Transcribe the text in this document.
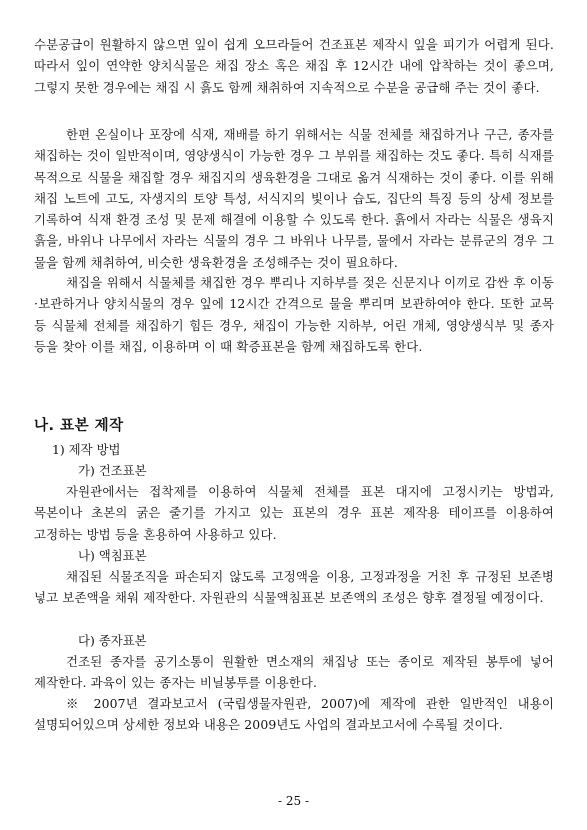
수분공급이 원활하지 않으면 잎이 쉽게 오므라들어 건조표본 제작시 잎을 피기가 어렵게 된다. 따라서 잎이 연약한 양치식물은 채집 장소 혹은 채집 후 12시간 내에 압착하는 것이 좋으며, 그렇지 못한 경우에는 채집 시 흙도 함께 채취하여 지속적으로 수분을 공급해 주는 것이 좋다.
한편 온실이나 포장에 식재, 재배를 하기 위해서는 식물 전체를 채집하거나 구근, 종자를 채집하는 것이 일반적이며, 영양생식이 가능한 경우 그 부위를 채집하는 것도 좋다. 특히 식재를 목적으로 식물을 채집할 경우 채집지의 생육환경을 그대로 옮겨 식재하는 것이 좋다. 이를 위해 채집 노트에 고도, 자생지의 토양 특성, 서식지의 빛이나 습도, 집단의 특징 등의 상세 정보를 기록하여 식재 환경 조성 및 문제 해결에 이용할 수 있도록 한다. 흙에서 자라는 식물은 생육지 흙을, 바위나 나무에서 자라는 식물의 경우 그 바위나 나무를, 물에서 자라는 분류군의 경우 그 물을 함께 채취하여, 비슷한 생육환경을 조성해주는 것이 필요하다.
채집을 위해서 식물체를 채집한 경우 뿌리나 지하부를 젖은 신문지나 이끼로 감싼 후 이동·보관하거나 양치식물의 경우 잎에 12시간 간격으로 물을 뿌리며 보관하여야 한다. 또한 교목 등 식물체 전체를 채집하기 힘든 경우, 채집이 가능한 지하부, 어린 개체, 영양생식부 및 종자 등을 찾아 이를 채집, 이용하며 이 때 확증표본을 함께 채집하도록 한다.
나. 표본 제작
1) 제작 방법
가) 건조표본
자원관에서는 접착제를 이용하여 식물체 전체를 표본 대지에 고정시키는 방법과, 목본이나 초본의 굵은 줄기를 가지고 있는 표본의 경우 표본 제작용 테이프를 이용하여 고정하는 방법 등을 혼용하여 사용하고 있다.
나) 액침표본
채집된 식물조직을 파손되지 않도록 고정액을 이용, 고정과정을 거친 후 규정된 보존병 넣고 보존액을 채워 제작한다. 자원관의 식물액침표본 보존액의 조성은 향후 결정될 예정이다.
다) 종자표본
건조된 종자를 공기소통이 원활한 면소재의 채집낭 또는 종이로 제작된 봉투에 넣어 제작한다. 과육이 있는 종자는 비닐봉투를 이용한다.
※ 2007년 결과보고서 (국립생물자원관, 2007)에 제작에 관한 일반적인 내용이 설명되어있으며 상세한 정보와 내용은 2009년도 사업의 결과보고서에 수록될 것이다.
- 25 -
